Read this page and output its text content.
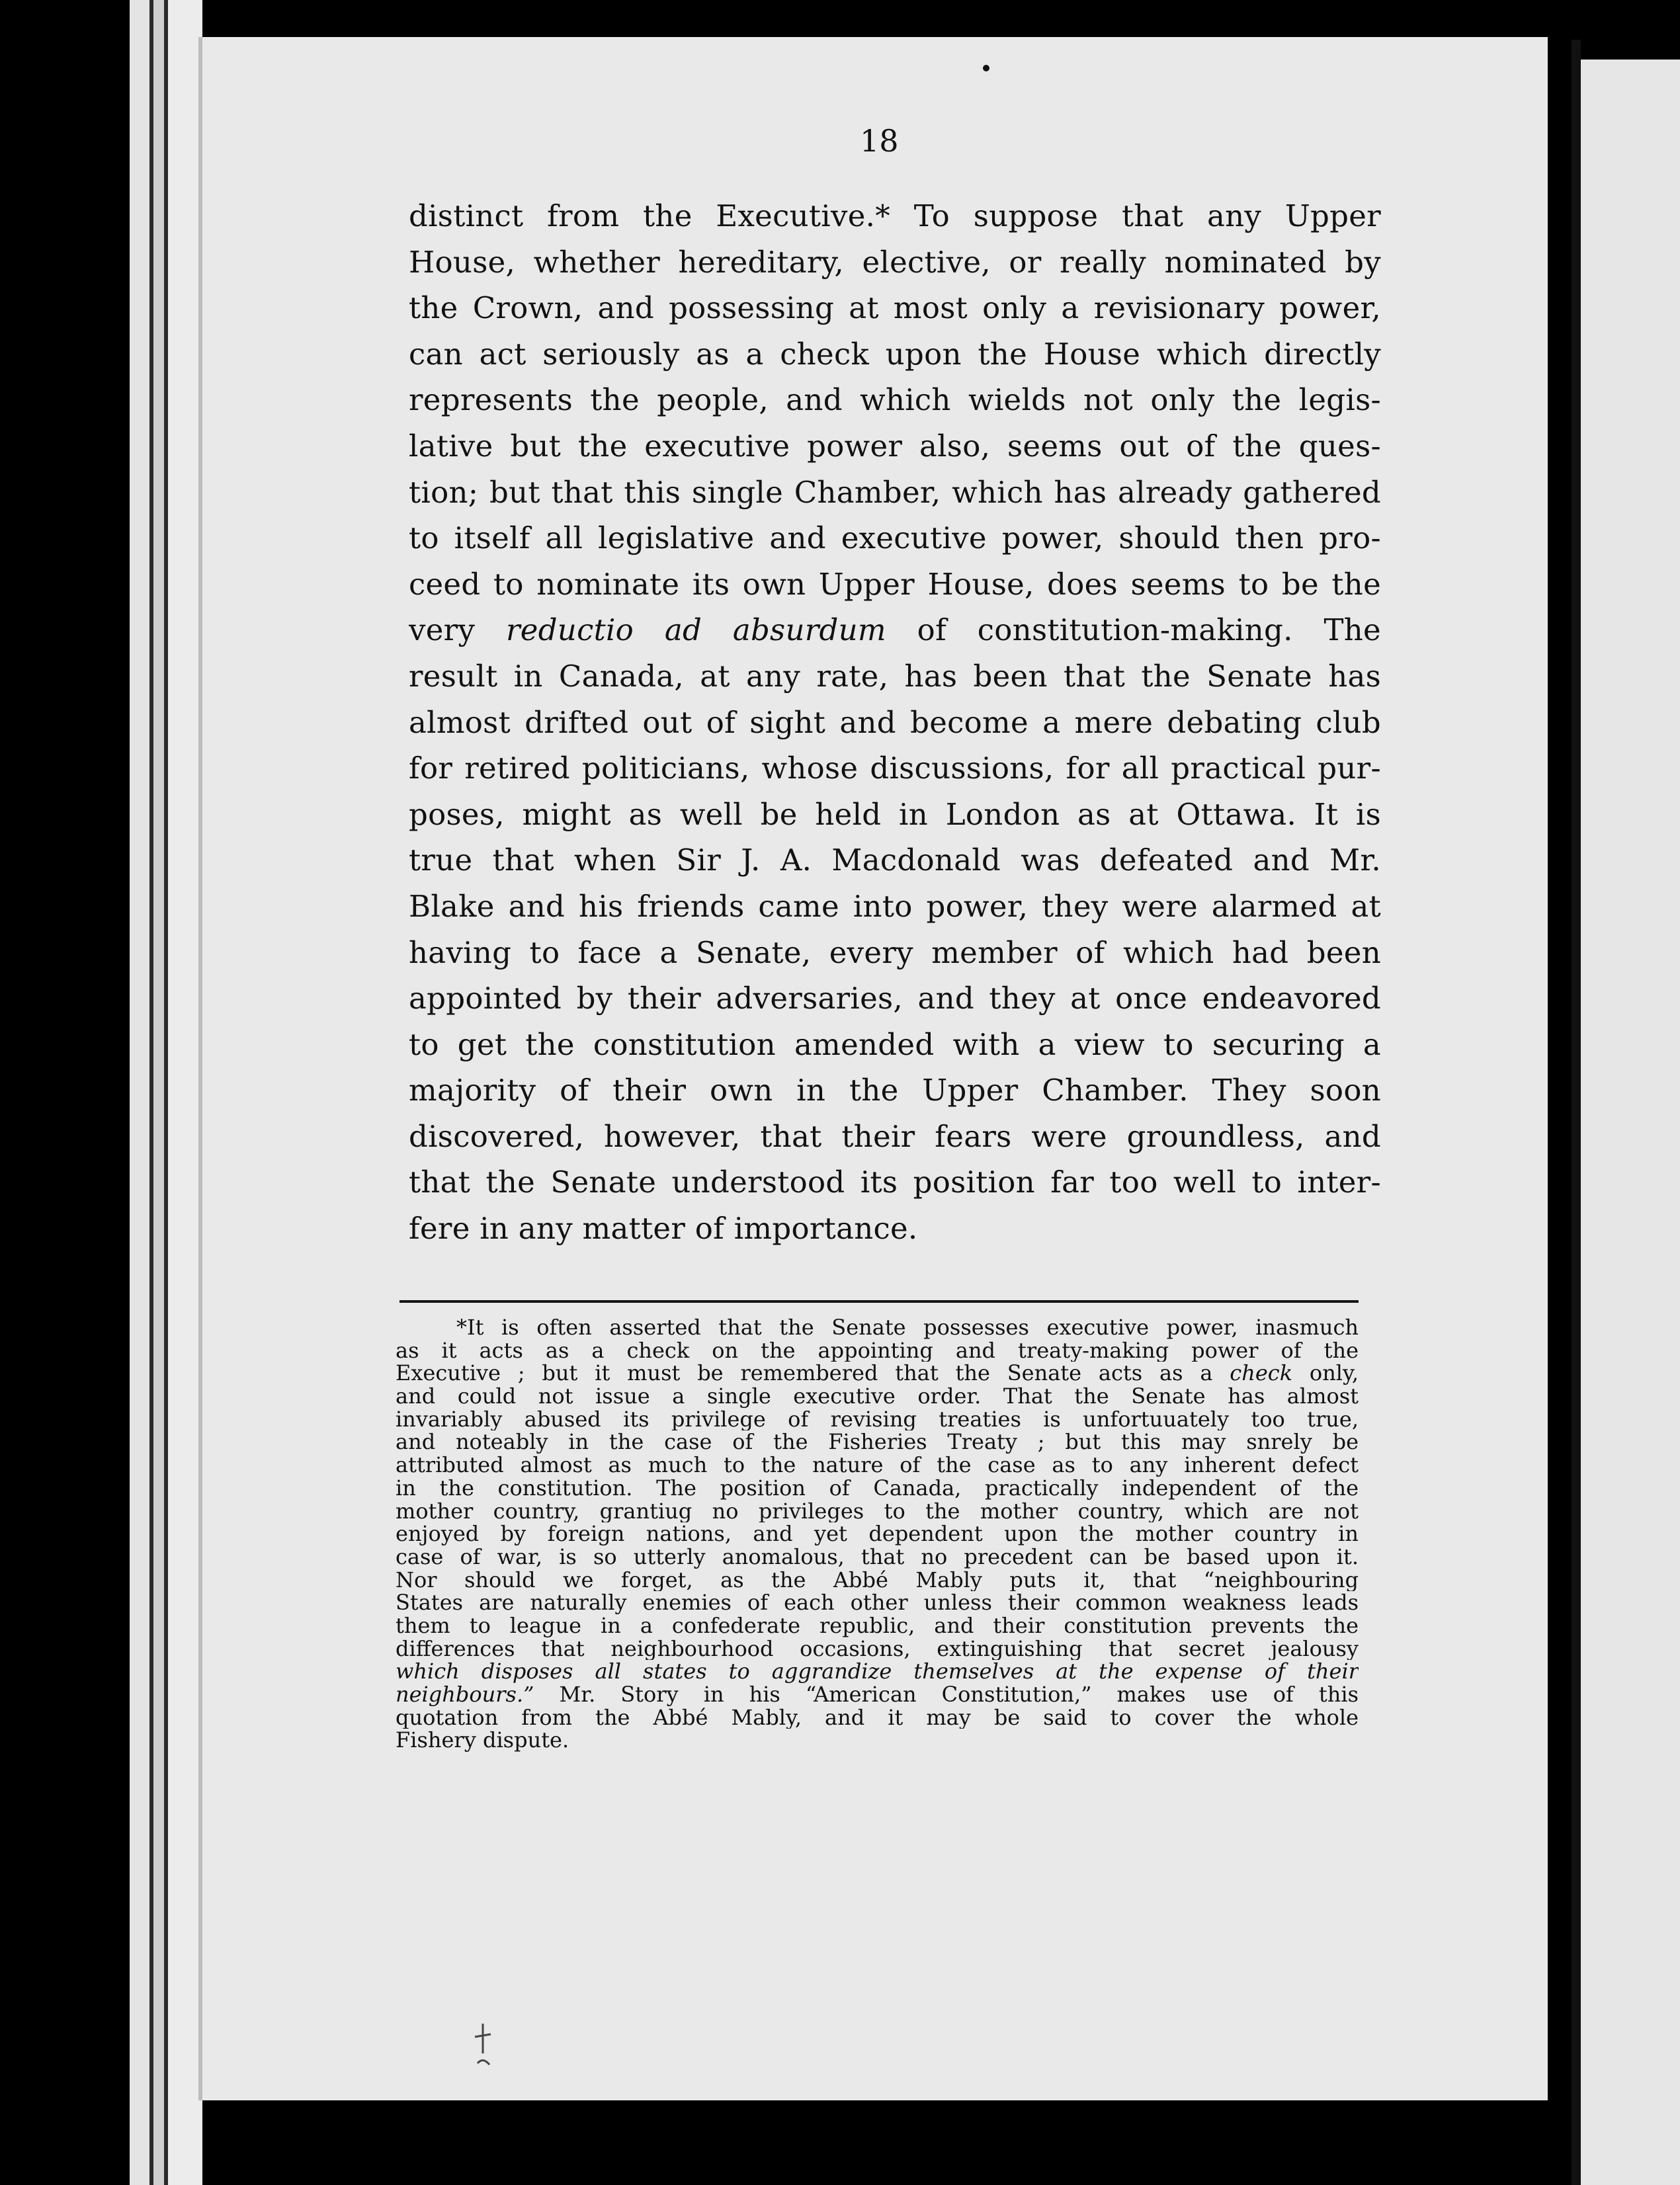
18
distinct from the Executive.* To suppose that any Upper
House, whether hereditary, elective, or really nominated by
the Crown, and possessing at most only a revisionary power,
can act seriously as a check upon the House which directly
represents the people, and which wields not only the legis-
lative but the executive power also, seems out of the ques-
tion; but that this single Chamber, which has already gathered
to itself all legislative and executive power, should then pro-
ceed to nominate its own Upper House, does seems to be the
very reductio ad absurdum of constitution-making. The
result in Canada, at any rate, has been that the Senate has
almost drifted out of sight and become a mere debating club
for retired politicians, whose discussions, for all practical pur-
poses, might as well be held in London as at Ottawa. It is
true that when Sir J. A. Macdonald was defeated and Mr.
Blake and his friends came into power, they were alarmed at
having to face a Senate, every member of which had been
appointed by their adversaries, and they at once endeavored
to get the constitution amended with a view to securing a
majority of their own in the Upper Chamber. They soon
discovered, however, that their fears were groundless, and
that the Senate understood its position far too well to inter-
fere in any matter of importance.
*It is often asserted that the Senate possesses executive power, inasmuch
as it acts as a check on the appointing and treaty-making power of the
Executive ; but it must be remembered that the Senate acts as a check only,
and could not issue a single executive order. That the Senate has almost
invariably abused its privilege of revising treaties is unfortuuately too true,
and noteably in the case of the Fisheries Treaty ; but this may snrely be
attributed almost as much to the nature of the case as to any inherent defect
in the constitution. The position of Canada, practically independent of the
mother country, grantiug no privileges to the mother country, which are not
enjoyed by foreign nations, and yet dependent upon the mother country in
case of war, is so utterly anomalous, that no precedent can be based upon it.
Nor should we forget, as the Abbé Mably puts it, that “neighbouring
States are naturally enemies of each other unless their common weakness leads
them to league in a confederate republic, and their constitution prevents the
differences that neighbourhood occasions, extinguishing that secret jealousy
which disposes all states to aggrandize themselves at the expense of their
neighbours.” Mr. Story in his “American Constitution,” makes use of this
quotation from the Abbé Mably, and it may be said to cover the whole
Fishery dispute.
